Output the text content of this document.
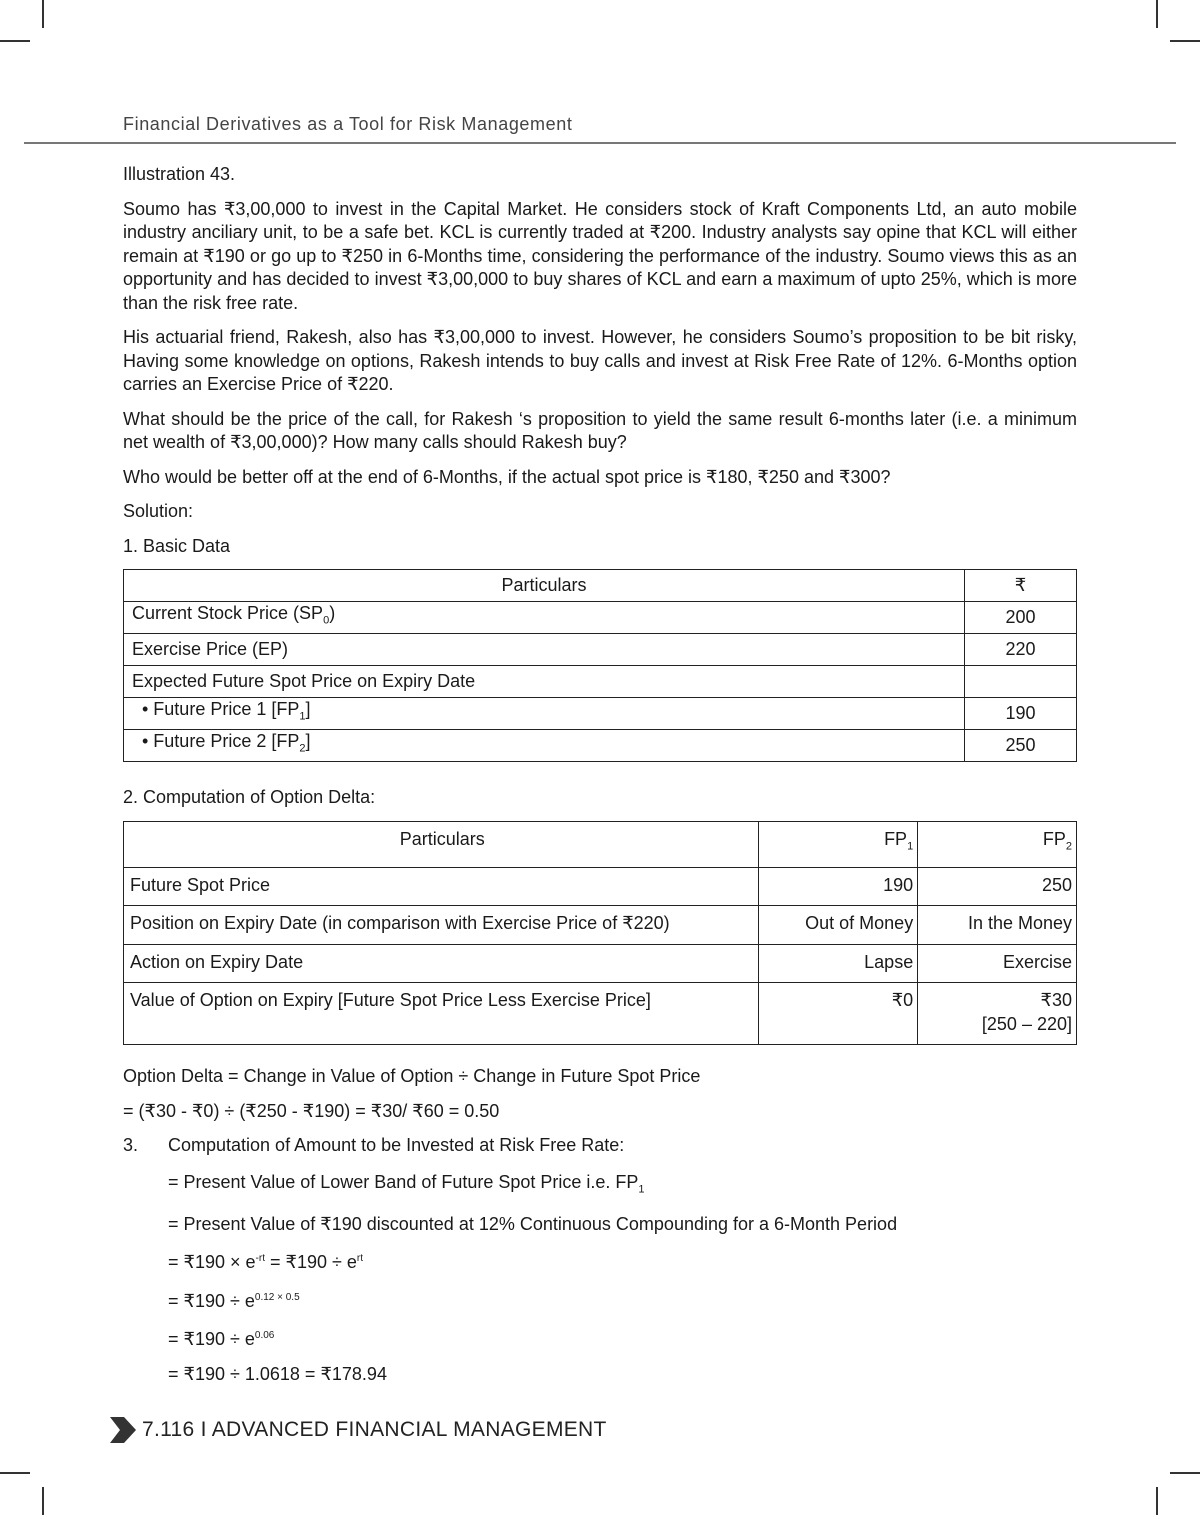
Financial Derivatives as a Tool for Risk Management

Illustration 43.

Soumo has ₹3,00,000 to invest in the Capital Market. He considers stock of Kraft Components Ltd, an auto mobile industry anciliary unit, to be a safe bet. KCL is currently traded at ₹200. Industry analysts say opine that KCL will either remain at ₹190 or go up to ₹250 in 6-Months time, considering the performance of the industry. Soumo views this as an opportunity and has decided to invest ₹3,00,000 to buy shares of KCL and earn a maximum of upto 25%, which is more than the risk free rate.

His actuarial friend, Rakesh, also has ₹3,00,000 to invest. However, he considers Soumo’s proposition to be bit risky, Having some knowledge on options, Rakesh intends to buy calls and invest at Risk Free Rate of 12%. 6-Months option carries an Exercise Price of ₹220.

What should be the price of the call, for Rakesh ‘s proposition to yield the same result 6-months later (i.e. a minimum net wealth of ₹3,00,000)? How many calls should Rakesh buy?

Who would be better off at the end of 6-Months, if the actual spot price is ₹180, ₹250 and ₹300?

Solution:

1. Basic Data

Particulars	₹
Current Stock Price $(SP_0)$	200
Exercise Price (EP)	220
Expected Future Spot Price on Expiry Date	
• Future Price 1 $[FP_1]$	190
• Future Price 2 $[FP_2]$	250

2. Computation of Option Delta:

Particulars	$FP_1$	$FP_2$
Future Spot Price	190	250
Position on Expiry Date (in comparison with Exercise Price of ₹220)	Out of Money	In the Money
Action on Expiry Date	Lapse	Exercise
Value of Option on Expiry [Future Spot Price Less Exercise Price]	₹0	₹30
[250 – 220]

Option Delta = Change in Value of Option ÷ Change in Future Spot Price

= (₹30 - ₹0) ÷ (₹250 - ₹190) = ₹30/ ₹60 = 0.50

3. Computation of Amount to be Invested at Risk Free Rate:

= Present Value of Lower Band of Future Spot Price i.e. $FP_1$

= Present Value of ₹190 discounted at 12% Continuous Compounding for a 6-Month Period

= ₹190 × $e^{-rt}$ = ₹190 ÷ $e^{rt}$

= ₹190 ÷ $e^{0.12 \times 0.5}$

= ₹190 ÷ $e^{0.06}$

= ₹190 ÷ 1.0618 = ₹178.94

7.116 I ADVANCED FINANCIAL MANAGEMENT
